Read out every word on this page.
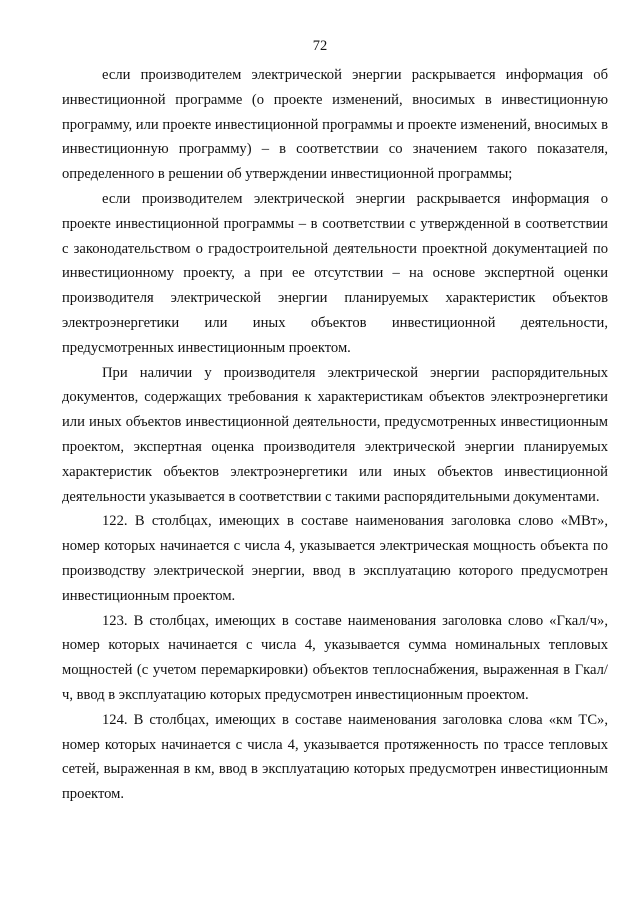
72

если производителем электрической энергии раскрывается информация об инвестиционной программе (о проекте изменений, вносимых в инвестиционную программу, или проекте инвестиционной программы и проекте изменений, вносимых в инвестиционную программу) – в соответствии со значением такого показателя, определенного в решении об утверждении инвестиционной программы;

если производителем электрической энергии раскрывается информация о проекте инвестиционной программы – в соответствии с утвержденной в соответствии с законодательством о градостроительной деятельности проектной документацией по инвестиционному проекту, а при ее отсутствии – на основе экспертной оценки производителя электрической энергии планируемых характеристик объектов электроэнергетики или иных объектов инвестиционной деятельности, предусмотренных инвестиционным проектом.

При наличии у производителя электрической энергии распорядительных документов, содержащих требования к характеристикам объектов электроэнергетики или иных объектов инвестиционной деятельности, предусмотренных инвестиционным проектом, экспертная оценка производителя электрической энергии планируемых характеристик объектов электроэнергетики или иных объектов инвестиционной деятельности указывается в соответствии с такими распорядительными документами.

122. В столбцах, имеющих в составе наименования заголовка слово «МВт», номер которых начинается с числа 4, указывается электрическая мощность объекта по производству электрической энергии, ввод в эксплуатацию которого предусмотрен инвестиционным проектом.

123. В столбцах, имеющих в составе наименования заголовка слово «Гкал/ч», номер которых начинается с числа 4, указывается сумма номинальных тепловых мощностей (с учетом перемаркировки) объектов теплоснабжения, выраженная в Гкал/ч, ввод в эксплуатацию которых предусмотрен инвестиционным проектом.

124. В столбцах, имеющих в составе наименования заголовка слова «км ТС», номер которых начинается с числа 4, указывается протяженность по трассе тепловых сетей, выраженная в км, ввод в эксплуатацию которых предусмотрен инвестиционным проектом.
